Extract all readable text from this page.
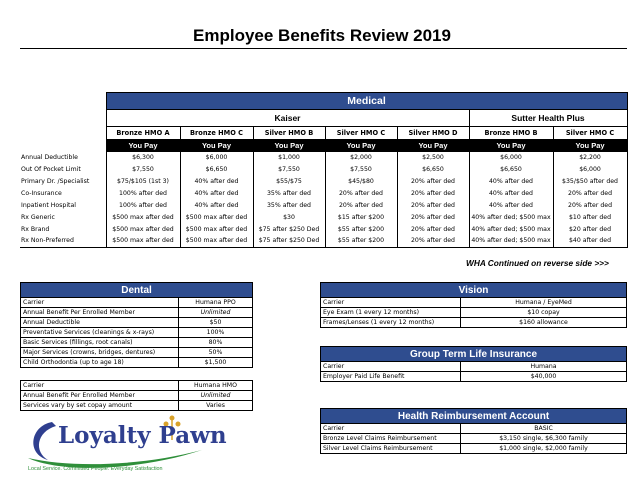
Employee Benefits Review 2019
	Medical						
	Kaiser					Sutter Health Plus	
	Bronze HMO A	Bronze HMO C	Silver HMO B	Silver HMO C	Silver HMO D	Bronze HMO B	Silver HMO C
	You Pay	You Pay	You Pay	You Pay	You Pay	You Pay	You Pay
Annual Deductible	$6,300	$6,000	$1,000	$2,000	$2,500	$6,000	$2,200
Out Of Pocket Limit	$7,550	$6,650	$7,550	$7,550	$6,650	$6,650	$6,000
Primary Dr. /Specialist	$75/$105 (1st 3)	40% after ded	$55/$75	$45/$80	20% after ded	40% after ded	$35/$50 after ded
Co-Insurance	100% after ded	40% after ded	35% after ded	20% after ded	20% after ded	40% after ded	20% after ded
Inpatient Hospital	100% after ded	40% after ded	35% after ded	20% after ded	20% after ded	40% after ded	20% after ded
Rx Generic	$500 max after ded	$500 max after ded	$30	$15 after $200	20% after ded	40% after ded; $500 max	$10 after ded
Rx Brand	$500 max after ded	$500 max after ded	$75 after $250 Ded	$55 after $200	20% after ded	40% after ded; $500 max	$20 after ded
Rx Non-Preferred	$500 max after ded	$500 max after ded	$75 after $250 Ded	$55 after $200	20% after ded	40% after ded; $500 max	$40 after ded
WHA Continued on reverse side >>>
Dental	
Carrier	Humana PPO
Annual Benefit Per Enrolled Member	Unlimited
Annual Deductible	$50
Preventative Services (cleanings & x-rays)	100%
Basic Services (fillings, root canals)	80%
Major Services (crowns, bridges, dentures)	50%
Child Orthodontia (up to age 18)	$1,500
Carrier	Humana HMO
Annual Benefit Per Enrolled Member	Unlimited
Services vary by set copay amount	Varies
Vision	
Carrier	Humana / EyeMed
Eye Exam (1 every 12 months)	$10 copay
Frames/Lenses (1 every 12 months)	$160 allowance
Group Term Life Insurance	
Carrier	Humana
Employer Paid Life Benefit	$40,000
Health Reimbursement Account	
Carrier	BASIC
Bronze Level Claims Reimbursement	$3,150 single, $6,300 family
Silver Level Claims Reimbursement	$1,000 single, $2,000 family
Loyalty Pawn
Local Service. Committed People. Everyday Satisfaction
